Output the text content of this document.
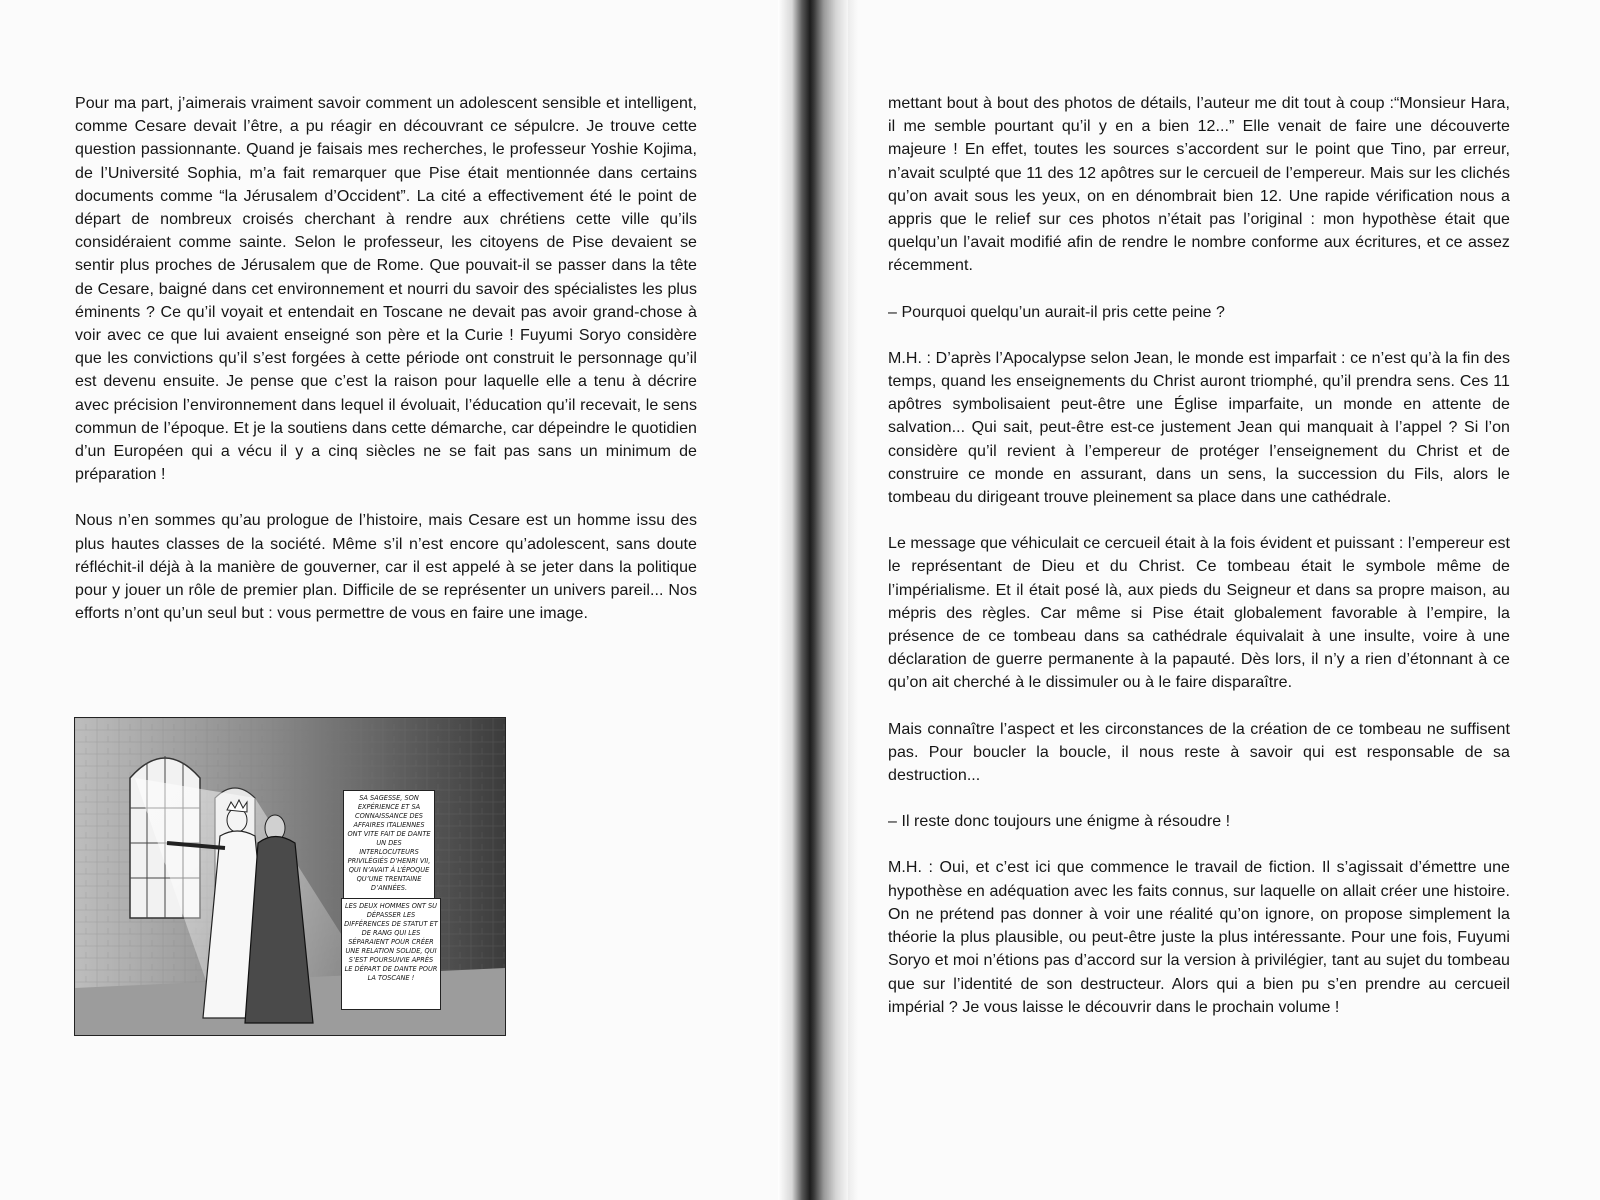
Pour ma part, j’aimerais vraiment savoir comment un adolescent sensible et intelligent, comme Cesare devait l’être, a pu réagir en découvrant ce sépulcre. Je trouve cette question passionnante. Quand je faisais mes recherches, le professeur Yoshie Kojima, de l’Université Sophia, m’a fait remarquer que Pise était mentionnée dans certains documents comme “la Jérusalem d’Occident”. La cité a effectivement été le point de départ de nombreux croisés cherchant à rendre aux chrétiens cette ville qu’ils considéraient comme sainte. Selon le professeur, les citoyens de Pise devaient se sentir plus proches de Jérusalem que de Rome. Que pouvait-il se passer dans la tête de Cesare, baigné dans cet environnement et nourri du savoir des spécialistes les plus éminents ? Ce qu’il voyait et entendait en Toscane ne devait pas avoir grand-chose à voir avec ce que lui avaient enseigné son père et la Curie ! Fuyumi Soryo considère que les convictions qu’il s’est forgées à cette période ont construit le personnage qu’il est devenu ensuite. Je pense que c’est la raison pour laquelle elle a tenu à décrire avec précision l’environnement dans lequel il évoluait, l’éducation qu’il recevait, le sens commun de l’époque. Et je la soutiens dans cette démarche, car dépeindre le quotidien d’un Européen qui a vécu il y a cinq siècles ne se fait pas sans un minimum de préparation !

Nous n’en sommes qu’au prologue de l’histoire, mais Cesare est un homme issu des plus hautes classes de la société. Même s’il n’est encore qu’adolescent, sans doute réfléchit-il déjà à la manière de gouverner, car il est appelé à se jeter dans la politique pour y jouer un rôle de premier plan. Difficile de se représenter un univers pareil... Nos efforts n’ont qu’un seul but : vous permettre de vous en faire une image.

SA SAGESSE, SON EXPÉRIENCE ET SA CONNAISSANCE DES AFFAIRES ITALIENNES ONT VITE FAIT DE DANTE UN DES INTERLOCUTEURS PRIVILÉGIÉS D’HENRI VII, QUI N’AVAIT À L’ÉPOQUE QU’UNE TRENTAINE D’ANNÉES.
LES DEUX HOMMES ONT SU DÉPASSER LES DIFFÉRENCES DE STATUT ET DE RANG QUI LES SÉPARAIENT POUR CRÉER UNE RELATION SOLIDE, QUI S’EST POURSUIVIE APRÈS LE DÉPART DE DANTE POUR LA TOSCANE !

mettant bout à bout des photos de détails, l’auteur me dit tout à coup :“Monsieur Hara, il me semble pourtant qu’il y en a bien 12...” Elle venait de faire une découverte majeure ! En effet, toutes les sources s’accordent sur le point que Tino, par erreur, n’avait sculpté que 11 des 12 apôtres sur le cercueil de l’empereur. Mais sur les clichés qu’on avait sous les yeux, on en dénombrait bien 12. Une rapide vérification nous a appris que le relief sur ces photos n’était pas l’original : mon hypothèse était que quelqu’un l’avait modifié afin de rendre le nombre conforme aux écritures, et ce assez récemment.

– Pourquoi quelqu’un aurait-il pris cette peine ?

M.H. : D’après l’Apocalypse selon Jean, le monde est imparfait : ce n’est qu’à la fin des temps, quand les enseignements du Christ auront triomphé, qu’il prendra sens. Ces 11 apôtres symbolisaient peut-être une Église imparfaite, un monde en attente de salvation... Qui sait, peut-être est-ce justement Jean qui manquait à l’appel ? Si l’on considère qu’il revient à l’empereur de protéger l’enseignement du Christ et de construire ce monde en assurant, dans un sens, la succession du Fils, alors le tombeau du dirigeant trouve pleinement sa place dans une cathédrale.

Le message que véhiculait ce cercueil était à la fois évident et puissant : l’empereur est le représentant de Dieu et du Christ. Ce tombeau était le symbole même de l’impérialisme. Et il était posé là, aux pieds du Seigneur et dans sa propre maison, au mépris des règles. Car même si Pise était globalement favorable à l’empire, la présence de ce tombeau dans sa cathédrale équivalait à une insulte, voire à une déclaration de guerre permanente à la papauté. Dès lors, il n’y a rien d’étonnant à ce qu’on ait cherché à le dissimuler ou à le faire disparaître.

Mais connaître l’aspect et les circonstances de la création de ce tombeau ne suffisent pas. Pour boucler la boucle, il nous reste à savoir qui est responsable de sa destruction...

– Il reste donc toujours une énigme à résoudre !

M.H. : Oui, et c’est ici que commence le travail de fiction. Il s’agissait d’émettre une hypothèse en adéquation avec les faits connus, sur laquelle on allait créer une histoire. On ne prétend pas donner à voir une réalité qu’on ignore, on propose simplement la théorie la plus plausible, ou peut-être juste la plus intéressante. Pour une fois, Fuyumi Soryo et moi n’étions pas d’accord sur la version à privilégier, tant au sujet du tombeau que sur l’identité de son destructeur. Alors qui a bien pu s’en prendre au cercueil impérial ? Je vous laisse le découvrir dans le prochain volume !
